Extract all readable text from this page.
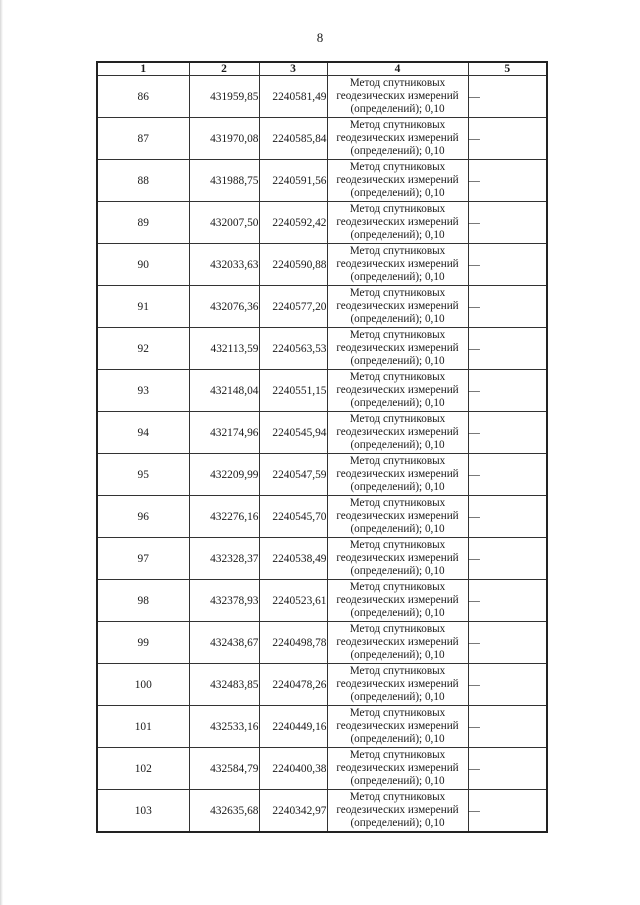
8
1	2	3	4	5
86	431959,85	2240581,49	Метод спутниковых
геодезических измерений
(определений); 0,10	—
87	431970,08	2240585,84	Метод спутниковых
геодезических измерений
(определений); 0,10	—
88	431988,75	2240591,56	Метод спутниковых
геодезических измерений
(определений); 0,10	—
89	432007,50	2240592,42	Метод спутниковых
геодезических измерений
(определений); 0,10	—
90	432033,63	2240590,88	Метод спутниковых
геодезических измерений
(определений); 0,10	—
91	432076,36	2240577,20	Метод спутниковых
геодезических измерений
(определений); 0,10	—
92	432113,59	2240563,53	Метод спутниковых
геодезических измерений
(определений); 0,10	—
93	432148,04	2240551,15	Метод спутниковых
геодезических измерений
(определений); 0,10	—
94	432174,96	2240545,94	Метод спутниковых
геодезических измерений
(определений); 0,10	—
95	432209,99	2240547,59	Метод спутниковых
геодезических измерений
(определений); 0,10	—
96	432276,16	2240545,70	Метод спутниковых
геодезических измерений
(определений); 0,10	—
97	432328,37	2240538,49	Метод спутниковых
геодезических измерений
(определений); 0,10	—
98	432378,93	2240523,61	Метод спутниковых
геодезических измерений
(определений); 0,10	—
99	432438,67	2240498,78	Метод спутниковых
геодезических измерений
(определений); 0,10	—
100	432483,85	2240478,26	Метод спутниковых
геодезических измерений
(определений); 0,10	—
101	432533,16	2240449,16	Метод спутниковых
геодезических измерений
(определений); 0,10	—
102	432584,79	2240400,38	Метод спутниковых
геодезических измерений
(определений); 0,10	—
103	432635,68	2240342,97	Метод спутниковых
геодезических измерений
(определений); 0,10	—
